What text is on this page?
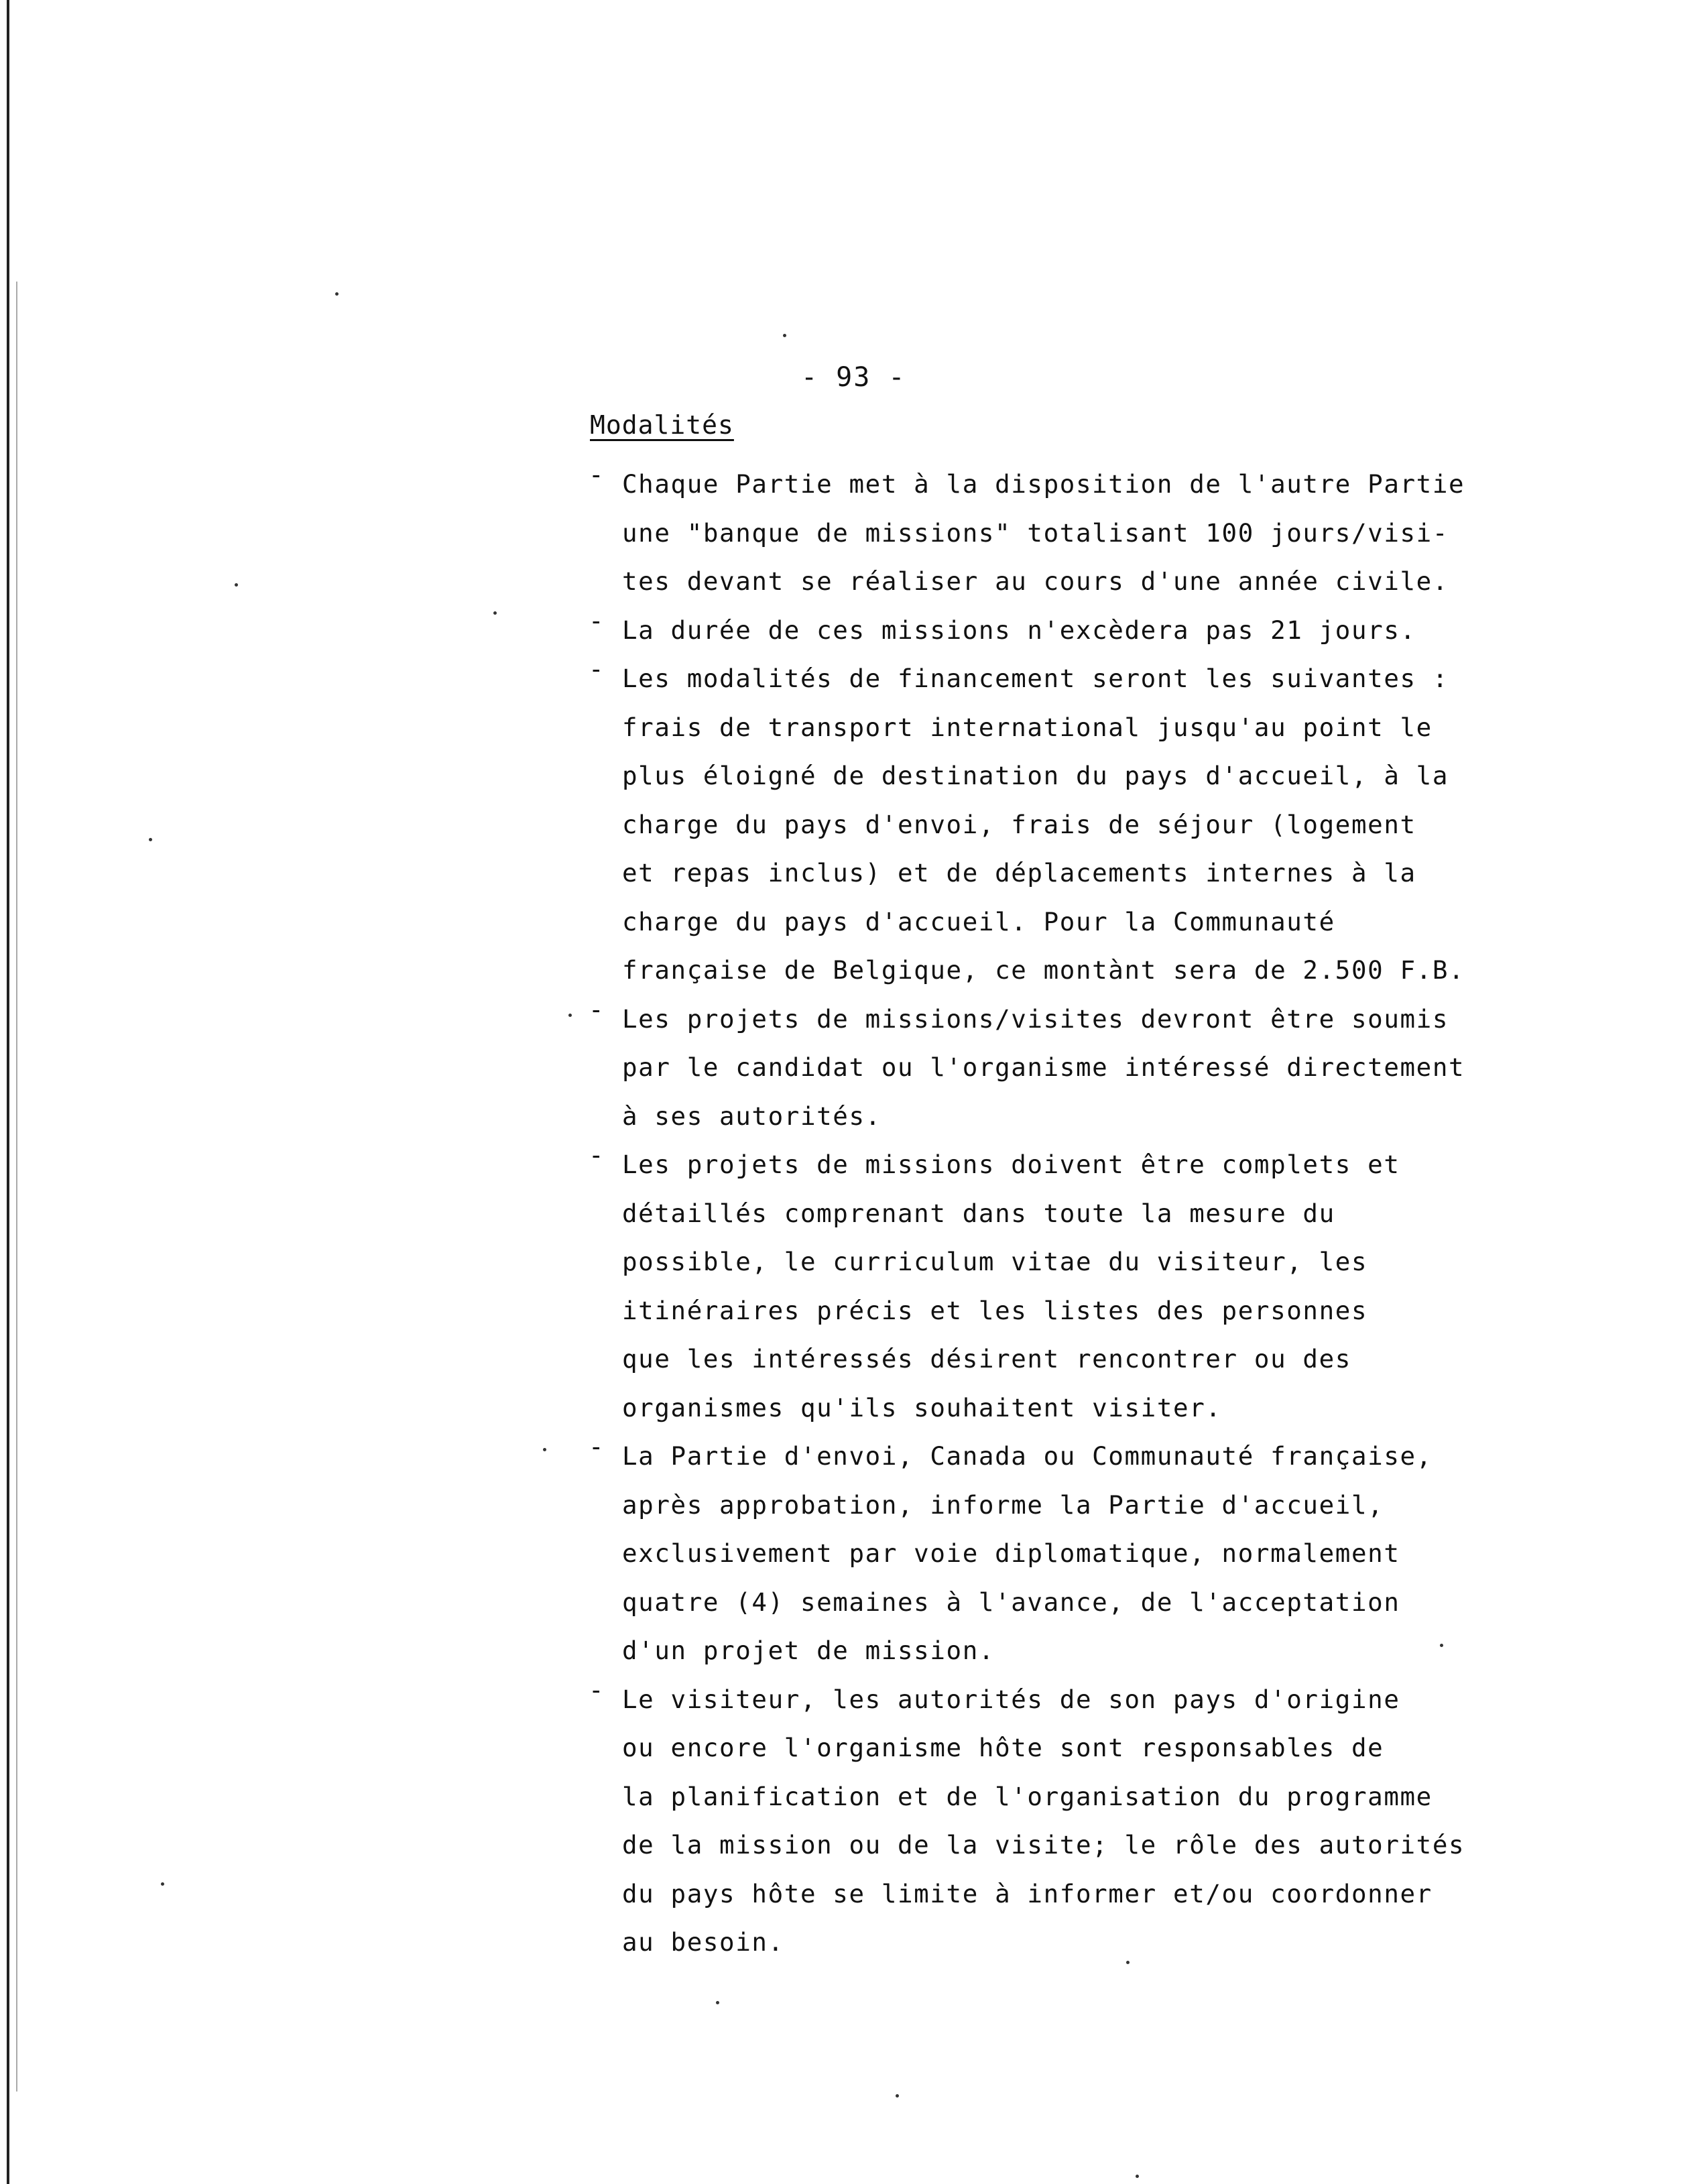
- 93 -
Modalités
- Chaque Partie met à la disposition de l'autre Partie
une "banque de missions" totalisant 100 jours/visi-
tes devant se réaliser au cours d'une année civile.
- La durée de ces missions n'excèdera pas 21 jours.
- Les modalités de financement seront les suivantes :
frais de transport international jusqu'au point le
plus éloigné de destination du pays d'accueil, à la
charge du pays d'envoi, frais de séjour (logement
et repas inclus) et de déplacements internes à la
charge du pays d'accueil. Pour la Communauté
française de Belgique, ce montànt sera de 2.500 F.B.
- Les projets de missions/visites devront être soumis
par le candidat ou l'organisme intéressé directement
à ses autorités.
- Les projets de missions doivent être complets et
détaillés comprenant dans toute la mesure du
possible, le curriculum vitae du visiteur, les
itinéraires précis et les listes des personnes
que les intéressés désirent rencontrer ou des
organismes qu'ils souhaitent visiter.
- La Partie d'envoi, Canada ou Communauté française,
après approbation, informe la Partie d'accueil,
exclusivement par voie diplomatique, normalement
quatre (4) semaines à l'avance, de l'acceptation
d'un projet de mission.
- Le visiteur, les autorités de son pays d'origine
ou encore l'organisme hôte sont responsables de
la planification et de l'organisation du programme
de la mission ou de la visite; le rôle des autorités
du pays hôte se limite à informer et/ou coordonner
au besoin.
